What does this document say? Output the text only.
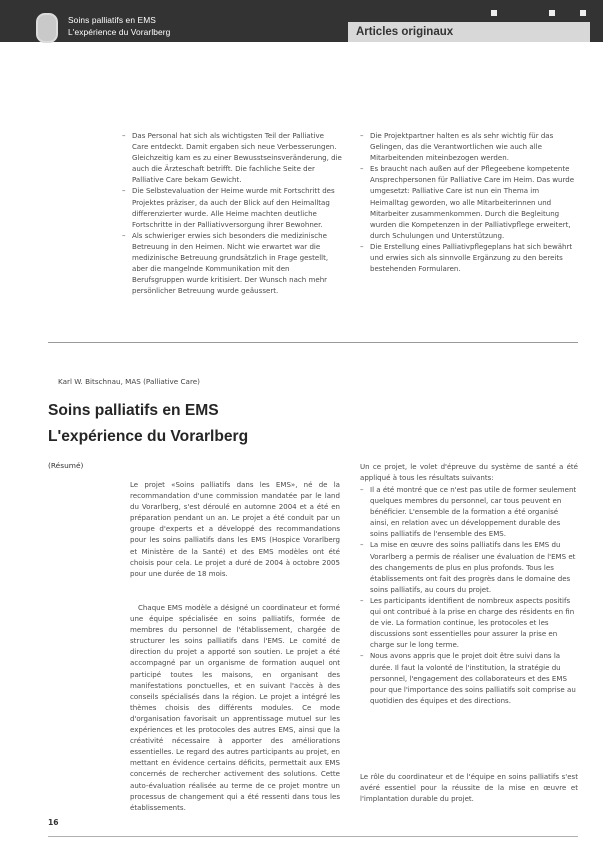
Soins palliatifs en EMS
L'expérience du Vorarlberg	Articles originaux
– Das Personal hat sich als wichtigsten Teil der Palliative Care entdeckt. Damit ergaben sich neue Verbesserungen. Gleichzeitig kam es zu einer Bewusstseinsveränderung, die auch die Ärzteschaft betrifft. Die fachliche Seite der Palliative Care bekam Gewicht.
– Die Selbstevaluation der Heime wurde mit Fortschritt des Projektes präziser, da auch der Blick auf den Heimalltag differenzierter wurde. Alle Heime machten deutliche Fortschritte in der Palliativversorgung ihrer Bewohner.
– Als schwieriger erwies sich besonders die medizinische Betreuung in den Heimen. Nicht wie erwartet war die medizinische Betreuung grundsätzlich in Frage gestellt, aber die mangelnde Kommunikation mit den Berufsgruppen wurde kritisiert. Der Wunsch nach mehr persönlicher Betreuung wurde geäussert.
– Die Projektpartner halten es als sehr wichtig für das Gelingen, das die Verantwortlichen wie auch alle Mitarbeitenden miteinbezogen werden.
– Es braucht nach außen auf der Pflegeebene kompetente Ansprechpersonen für Palliative Care im Heim. Das wurde umgesetzt: Palliative Care ist nun ein Thema im Heimalltag geworden, wo alle Mitarbeiterinnen und Mitarbeiter zusammenkommen. Durch die Begleitung wurden die Kompetenzen in der Palliativpflege erweitert, durch Schulungen und Unterstützung.
– Die Erstellung eines Palliativpflegeplans hat sich bewährt und erwies sich als sinnvolle Ergänzung zu den bereits bestehenden Formularen.
Karl W. Bitschnau, MAS (Palliative Care)
Soins palliatifs en EMS
L'expérience du Vorarlberg
(Résumé)

Le projet «Soins palliatifs dans les EMS», né de la recommandation d'une commission mandatée par le land du Vorarlberg, s'est déroulé en automne 2004 et a été en préparation pendant un an. Le projet a été conduit par un groupe d'experts et a développé des recommandations pour les soins palliatifs dans les EMS (Hospice Vorarlberg et Ministère de la Santé) et des EMS modèles ont été choisis pour cela. Le projet a duré de 2004 à octobre 2005 pour une durée de 18 mois.

Chaque EMS modèle a désigné un coordinateur et formé une équipe spécialisée en soins palliatifs, formée de membres du personnel de l'établissement, chargée de structurer les soins palliatifs dans l'EMS. Le comité de direction du projet a apporté son soutien. Le projet a été accompagné par un organisme de formation auquel ont participé toutes les maisons, en organisant des manifestations ponctuelles, et en suivant l'accès à des conseils spécialisés dans la région. Le projet a intégré les thèmes choisis des différents modules. Ce mode d'organisation favorisait un apprentissage mutuel sur les expériences et les protocoles des autres EMS, ainsi que la créativité nécessaire à apporter des améliorations essentielles. Le regard des autres participants au projet, en mettant en évidence certains déficits, permettait aux EMS concernés de rechercher activement des solutions. Cette auto-évaluation réalisée au terme de ce projet montre un processus de changement qui a été ressenti dans tous les établissements.

Un ce projet, le volet d'épreuve du système de santé a été appliqué à tous les résultats suivants:

– Il a été montré que ce n'est pas utile de former seulement quelques membres du personnel, car tous peuvent en bénéficier. L'ensemble de la formation a été organisé ainsi, en relation avec un développement durable des soins palliatifs de l'ensemble des EMS.
– La mise en œuvre des soins palliatifs dans les EMS du Vorarlberg a permis de réaliser une évaluation de l'EMS et des changements de plus en plus profonds. Tous les établissements ont fait des progrès dans le domaine des soins palliatifs, au cours du projet.
– Les participants identifient de nombreux aspects positifs qui ont contribué à la prise en charge des résidents en fin de vie. La formation continue, les protocoles et les discussions sont essentielles pour assurer la prise en charge sur le long terme.
– Nous avons appris que le projet doit être suivi dans la durée. Il faut la volonté de l'institution, la stratégie du personnel, l'engagement des collaborateurs et des EMS pour que l'importance des soins palliatifs soit comprise au quotidien des équipes et des directions.

Le rôle du coordinateur et de l'équipe en soins palliatifs s'est avéré essentiel pour la réussite de la mise en œuvre et l'implantation durable du projet.

16
